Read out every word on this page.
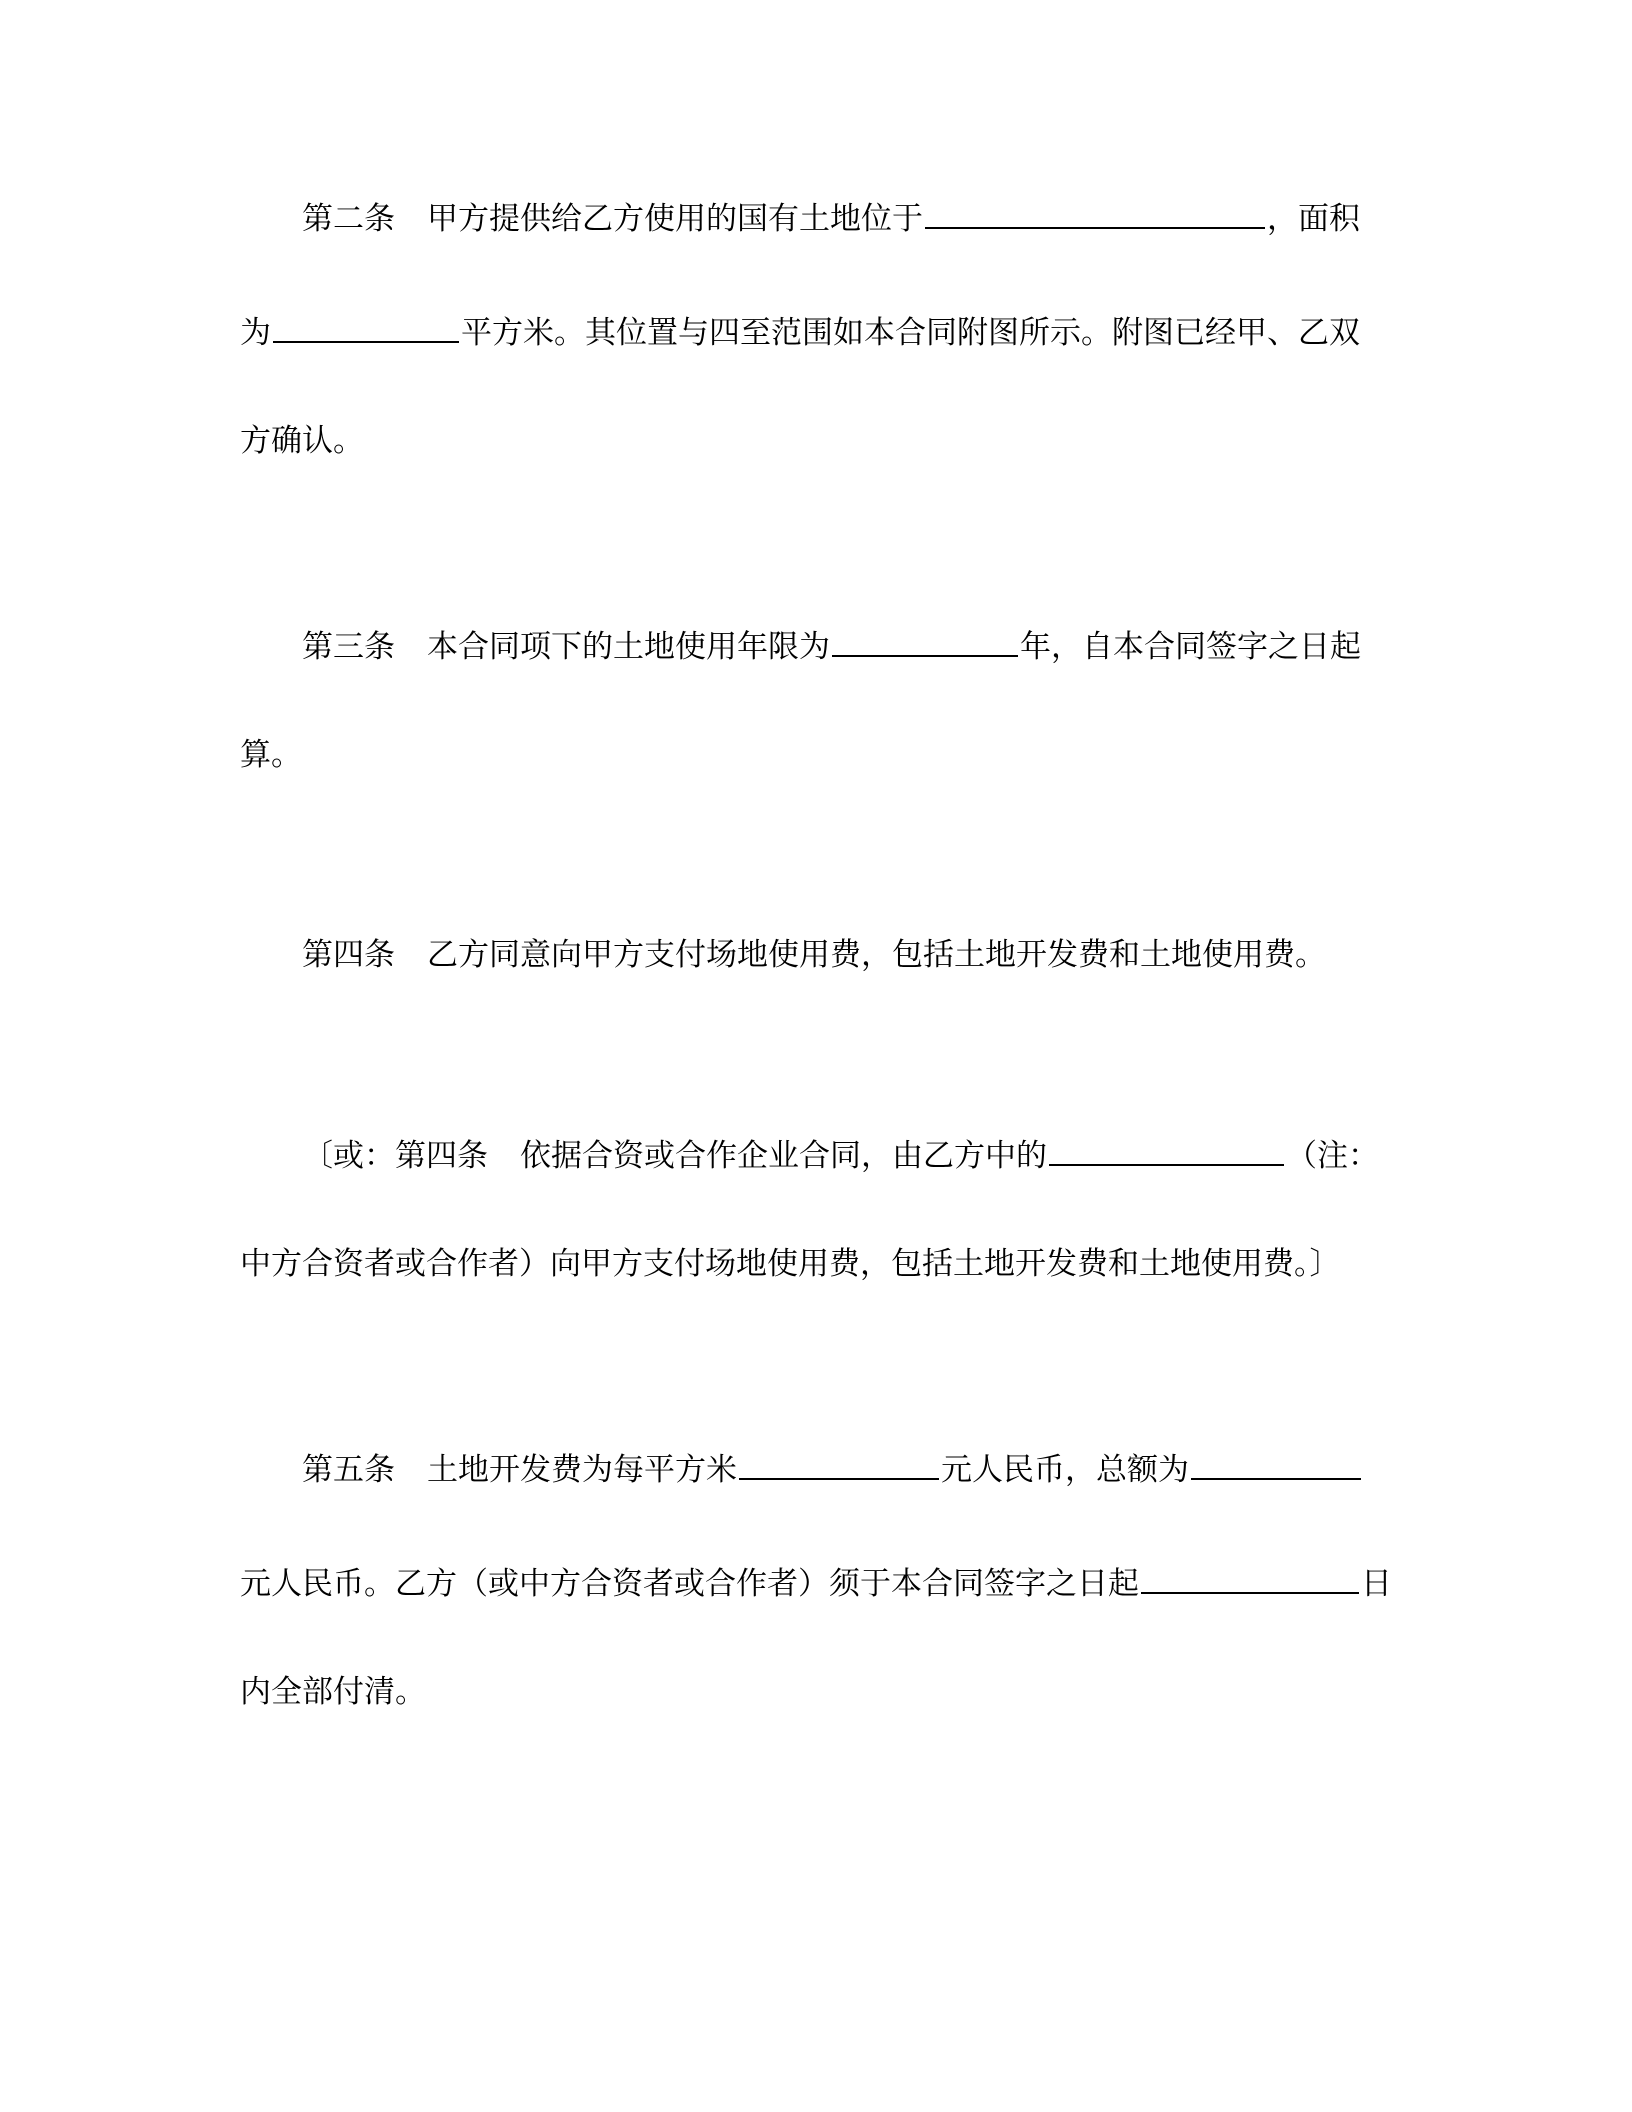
第二条 甲方提供给乙方使用的国有土地位于	，面积
为	平方米。其位置与四至范围如本合同附图所示。附图已经甲、乙双
方确认。
第三条 本合同项下的土地使用年限为	年，自本合同签字之日起
算。
第四条 乙方同意向甲方支付场地使用费，包括土地开发费和土地使用费。
〔或：第四条 依据合资或合作企业合同，由乙方中的	（注：
中方合资者或合作者）向甲方支付场地使用费，包括土地开发费和土地使用费。〕
第五条 土地开发费为每平方米	元人民币，总额为
元人民币。乙方（或中方合资者或合作者）须于本合同签字之日起	日
内全部付清。
